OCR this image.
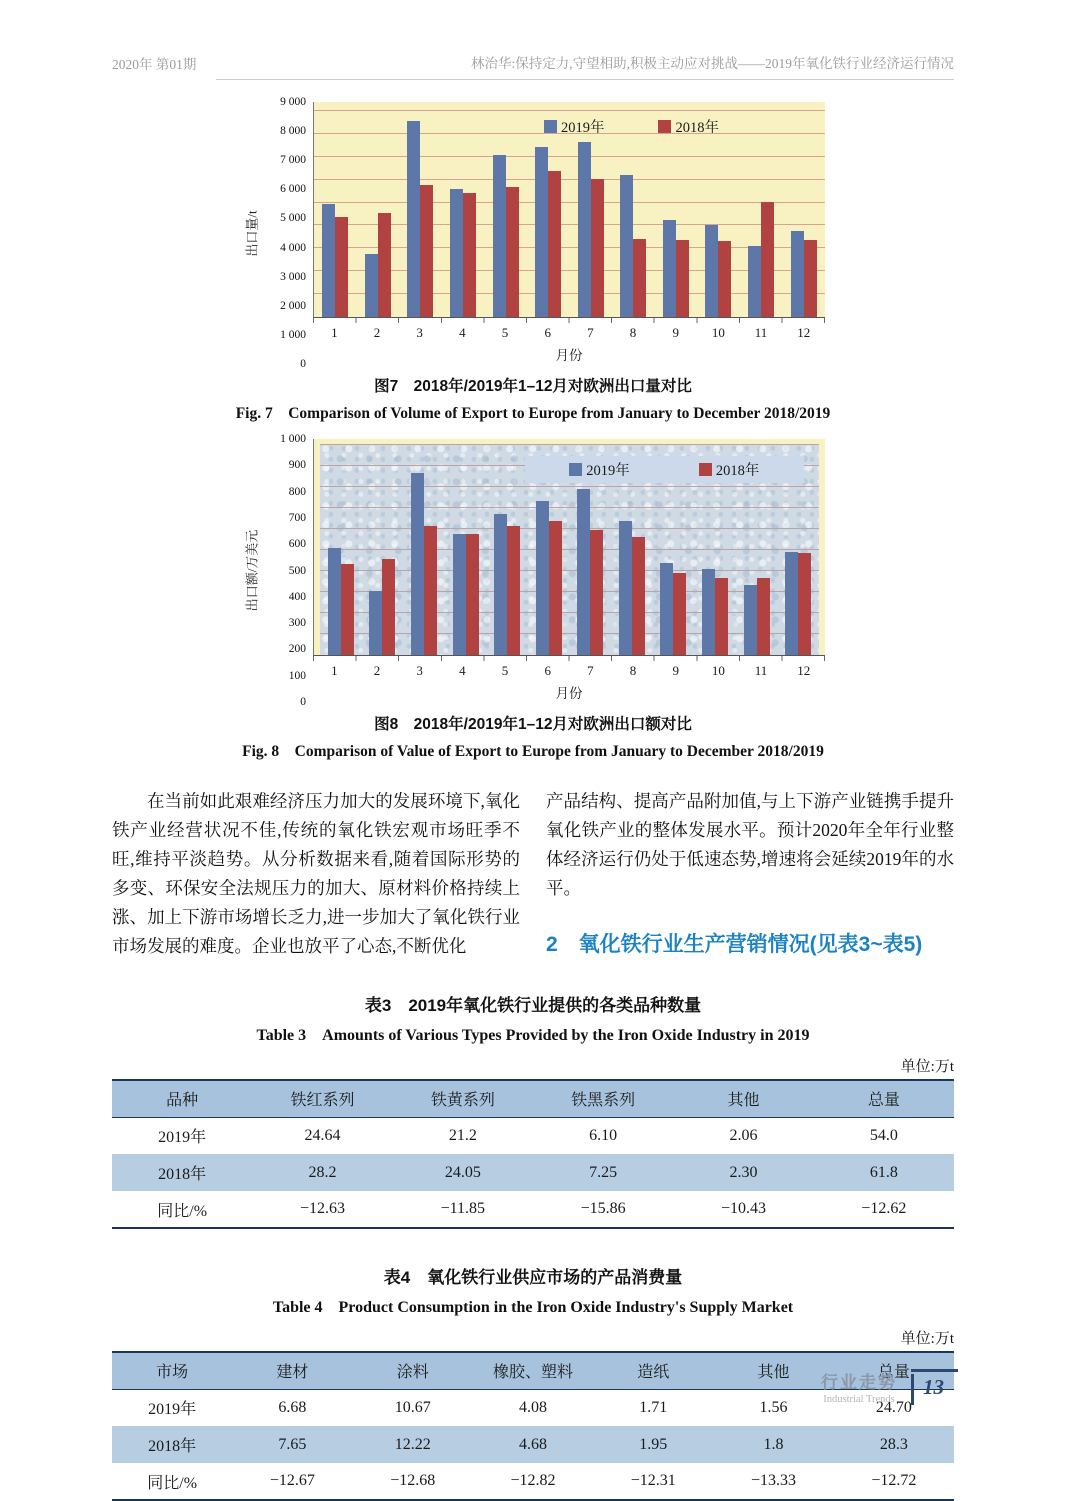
2020年 第01期	林治华:保持定力,守望相助,积极主动应对挑战——2019年氧化铁行业经济运行情况
出口量/t
0
1 000
2 000
3 000
4 000
5 000
6 000
7 000
8 000
9 000
2019年	2018年
1	2	3	4	5	6	7	8	9	10	11	12
月份
图7　2018年/2019年1–12月对欧洲出口量对比
Fig. 7　Comparison of Volume of Export to Europe from January to December 2018/2019
出口额/万美元
0
100
200
300
400
500
600
700
800
900
1 000
2019年	2018年
1	2	3	4	5	6	7	8	9	10	11	12
月份
图8　2018年/2019年1–12月对欧洲出口额对比
Fig. 8　Comparison of Value of Export to Europe from January to December 2018/2019
在当前如此艰难经济压力加大的发展环境下,氧化铁产业经营状况不佳,传统的氧化铁宏观市场旺季不旺,维持平淡趋势。从分析数据来看,随着国际形势的多变、环保安全法规压力的加大、原材料价格持续上涨、加上下游市场增长乏力,进一步加大了氧化铁行业市场发展的难度。企业也放平了心态,不断优化
产品结构、提高产品附加值,与上下游产业链携手提升氧化铁产业的整体发展水平。预计2020年全年行业整体经济运行仍处于低速态势,增速将会延续2019年的水平。
2　氧化铁行业生产营销情况(见表3~表5)
表3　2019年氧化铁行业提供的各类品种数量
Table 3　Amounts of Various Types Provided by the Iron Oxide Industry in 2019
单位:万t
品种	铁红系列	铁黄系列	铁黑系列	其他	总量
2019年	24.64	21.2	6.10	2.06	54.0
2018年	28.2	24.05	7.25	2.30	61.8
同比/%	−12.63	−11.85	−15.86	−10.43	−12.62
表4　氧化铁行业供应市场的产品消费量
Table 4　Product Consumption in the Iron Oxide Industry's Supply Market
单位:万t
市场	建材	涂料	橡胶、塑料	造纸	其他	总量
2019年	6.68	10.67	4.08	1.71	1.56	24.70
2018年	7.65	12.22	4.68	1.95	1.8	28.3
同比/%	−12.67	−12.68	−12.82	−12.31	−13.33	−12.72
行业走势
Industrial Trends
13
